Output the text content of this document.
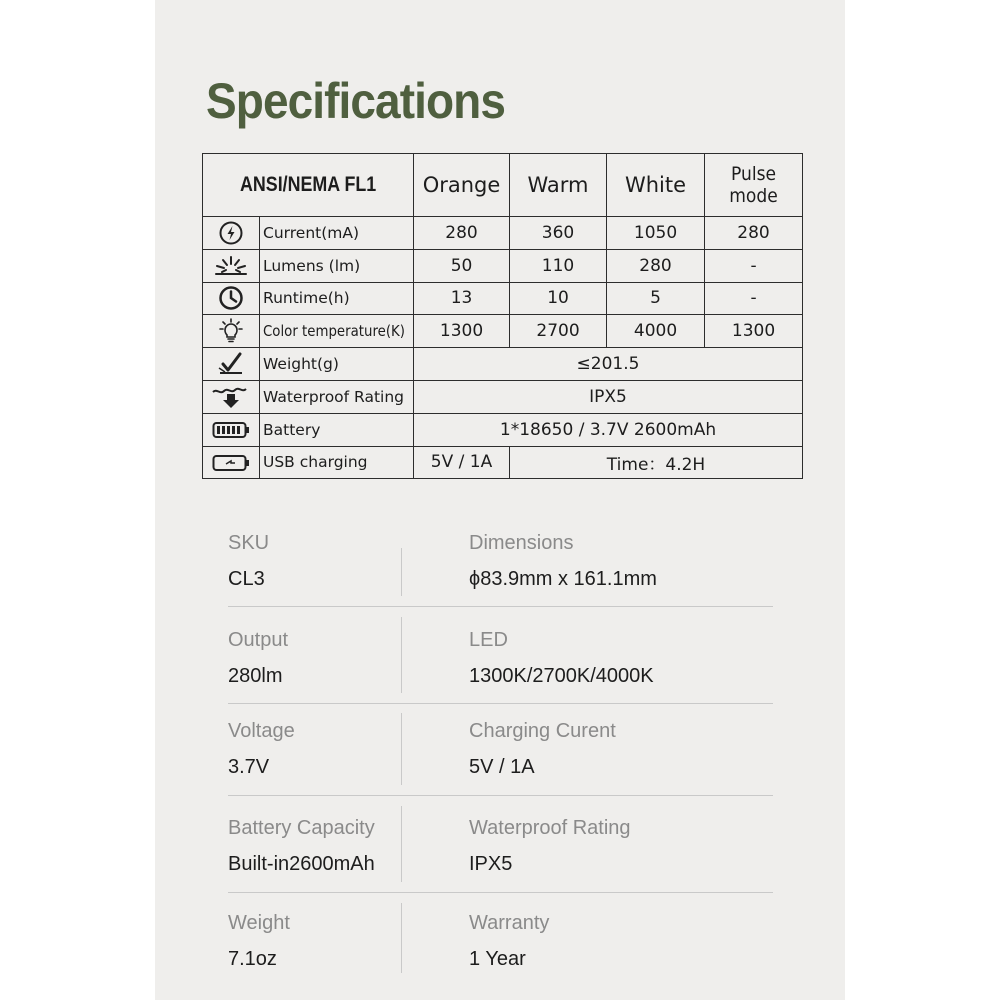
Specifications
ANSI/NEMA FL1		Orange	Warm	White	Pulse mode
	Current(mA)	280	360	1050	280
	Lumens (lm)	50	110	280	-
	Runtime(h)	13	10	5	-
	Color temperature(K)	1300	2700	4000	1300
	Weight(g)	≤201.5			
	Waterproof Rating	IPX5			
	Battery	1*18650 / 3.7V 2600mAh			
	USB charging	5V / 1A	Time：4.2H		
SKU
CL3
Dimensions
ϕ83.9mm x 161.1mm
Output
280lm
LED
1300K/2700K/4000K
Voltage
3.7V
Charging Curent
5V / 1A
Battery Capacity
Built-in2600mAh
Waterproof Rating
IPX5
Weight
7.1oz
Warranty
1 Year
